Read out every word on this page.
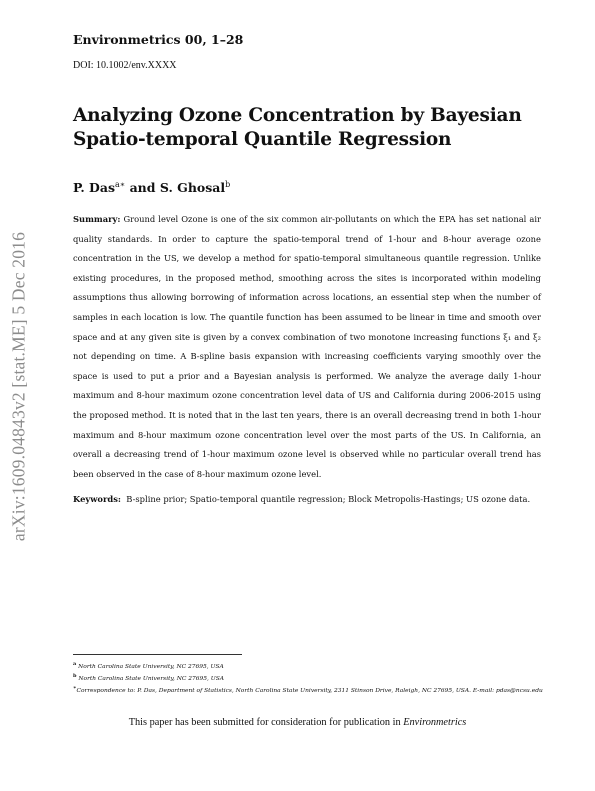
arXiv:1609.04843v2 [stat.ME] 5 Dec 2016
Environmetrics 00, 1–28
DOI: 10.1002/env.XXXX
Analyzing Ozone Concentration by Bayesian
Spatio-temporal Quantile Regression
P. Das$^{a∗}$ and S. Ghosal$^b$
Summary: Ground level Ozone is one of the six common air-pollutants on which the EPA has set national air quality standards. In order to capture the spatio-temporal trend of 1-hour and 8-hour average ozone concentration in the US, we develop a method for spatio-temporal simultaneous quantile regression. Unlike existing procedures, in the proposed method, smoothing across the sites is incorporated within modeling assumptions thus allowing borrowing of information across locations, an essential step when the number of samples in each location is low. The quantile function has been assumed to be linear in time and smooth over space and at any given site is given by a convex combination of two monotone increasing functions ξ₁ and ξ₂ not depending on time. A B-spline basis expansion with increasing coefficients varying smoothly over the space is used to put a prior and a Bayesian analysis is performed. We analyze the average daily 1-hour maximum and 8-hour maximum ozone concentration level data of US and California during 2006-2015 using the proposed method. It is noted that in the last ten years, there is an overall decreasing trend in both 1-hour maximum and 8-hour maximum ozone concentration level over the most parts of the US. In California, an overall a decreasing trend of 1-hour maximum ozone level is observed while no particular overall trend has been observed in the case of 8-hour maximum ozone level.
Keywords: B-spline prior; Spatio-temporal quantile regression; Block Metropolis-Hastings; US ozone data.
$^a$ North Carolina State University, NC 27695, USA
$^b$ North Carolina State University, NC 27695, USA
∗Correspondence to: P. Das, Department of Statistics, North Carolina State University, 2311 Stinson Drive, Raleigh, NC 27695, USA. E-mail: pdas@ncsu.edu
This paper has been submitted for consideration for publication in Environmetrics
